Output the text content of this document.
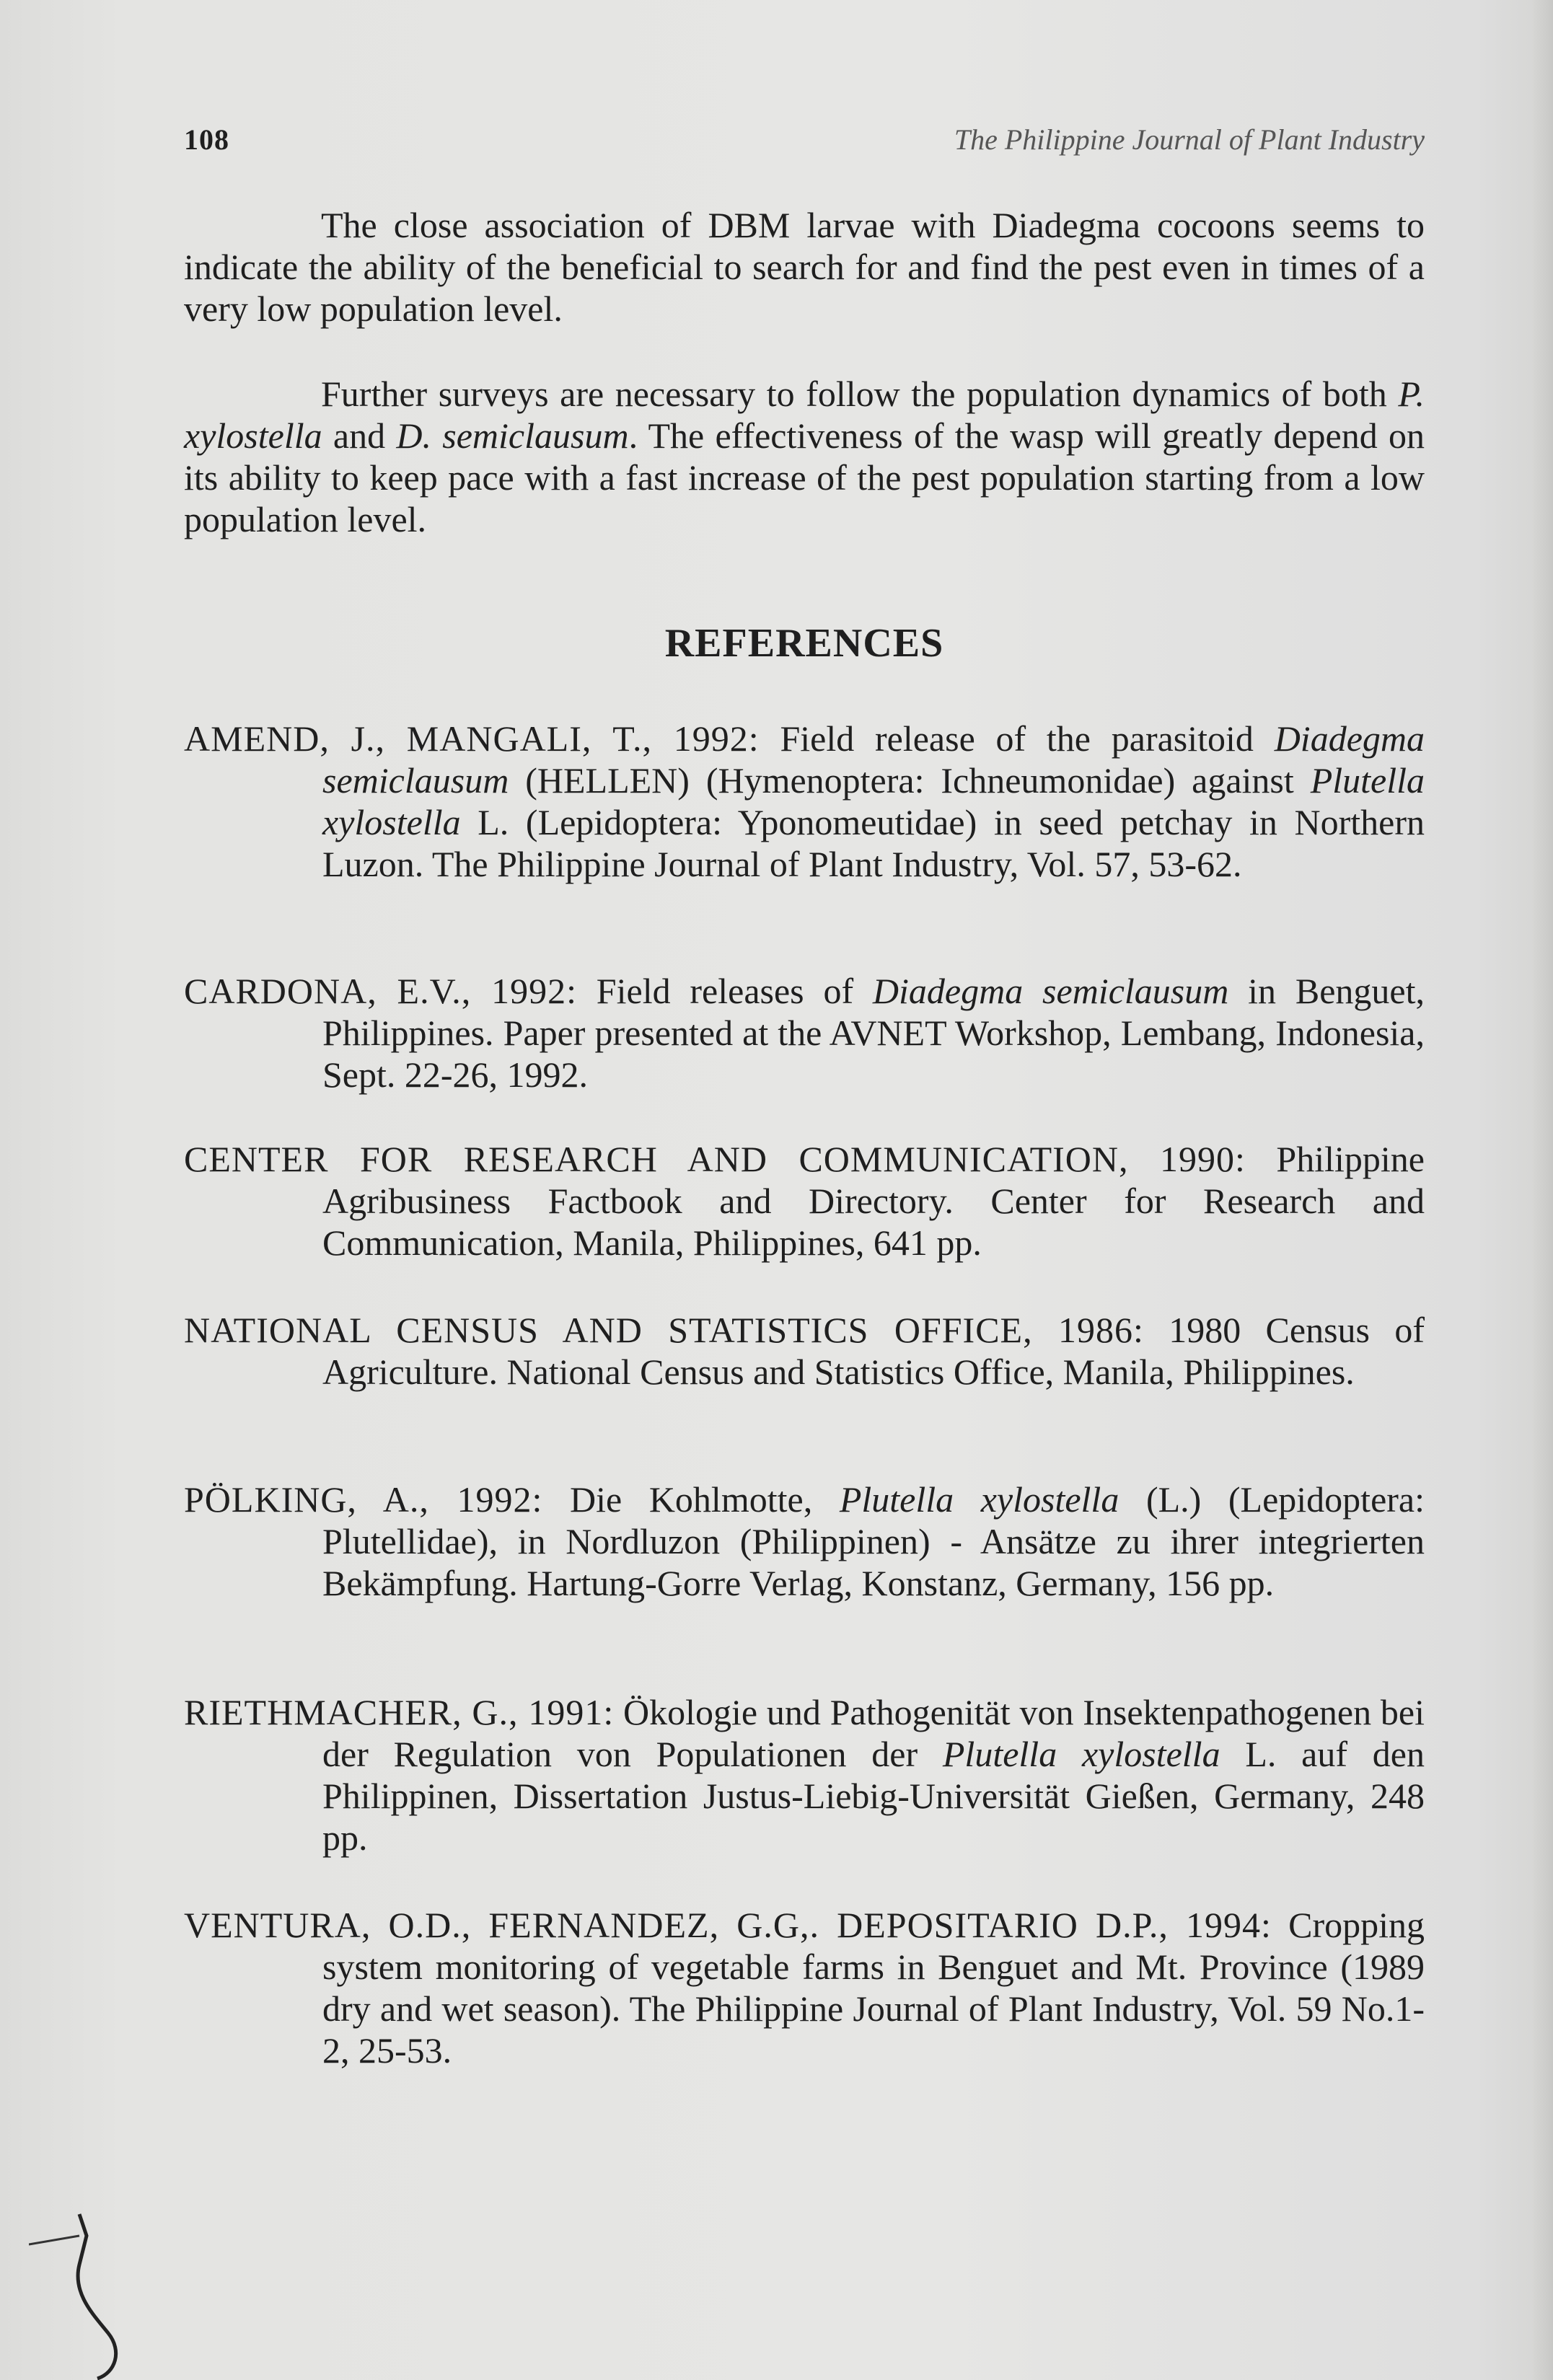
108	The Philippine Journal of Plant Industry

The close association of DBM larvae with Diadegma cocoons seems to indicate the ability of the beneficial to search for and find the pest even in times of a very low population level.

Further surveys are necessary to follow the population dynamics of both P. xylostella and D. semiclausum. The effectiveness of the wasp will greatly depend on its ability to keep pace with a fast increase of the pest population starting from a low population level.

REFERENCES

AMEND, J., MANGALI, T., 1992: Field release of the parasitoid Diadegma semiclausum (HELLEN) (Hymenoptera: Ichneumonidae) against Plutella xylostella L. (Lepidoptera: Yponomeutidae) in seed petchay in Northern Luzon. The Philippine Journal of Plant Industry, Vol. 57, 53-62.

CARDONA, E.V., 1992: Field releases of Diadegma semiclausum in Benguet, Philippines. Paper presented at the AVNET Workshop, Lembang, Indonesia, Sept. 22-26, 1992.

CENTER FOR RESEARCH AND COMMUNICATION, 1990: Philippine Agribusiness Factbook and Directory. Center for Research and Communication, Manila, Philippines, 641 pp.

NATIONAL CENSUS AND STATISTICS OFFICE, 1986: 1980 Census of Agriculture. National Census and Statistics Office, Manila, Philippines.

PÖLKING, A., 1992: Die Kohlmotte, Plutella xylostella (L.) (Lepidoptera: Plutellidae), in Nordluzon (Philippinen) - Ansätze zu ihrer integrierten Bekämpfung. Hartung-Gorre Verlag, Konstanz, Germany, 156 pp.

RIETHMACHER, G., 1991: Ökologie und Pathogenität von Insektenpathogenen bei der Regulation von Populationen der Plutella xylostella L. auf den Philippinen, Dissertation Justus-Liebig-Universität Gießen, Germany, 248 pp.

VENTURA, O.D., FERNANDEZ, G.G,. DEPOSITARIO D.P., 1994: Cropping system monitoring of vegetable farms in Benguet and Mt. Province (1989 dry and wet season). The Philippine Journal of Plant Industry, Vol. 59 No.1-2, 25-53.
